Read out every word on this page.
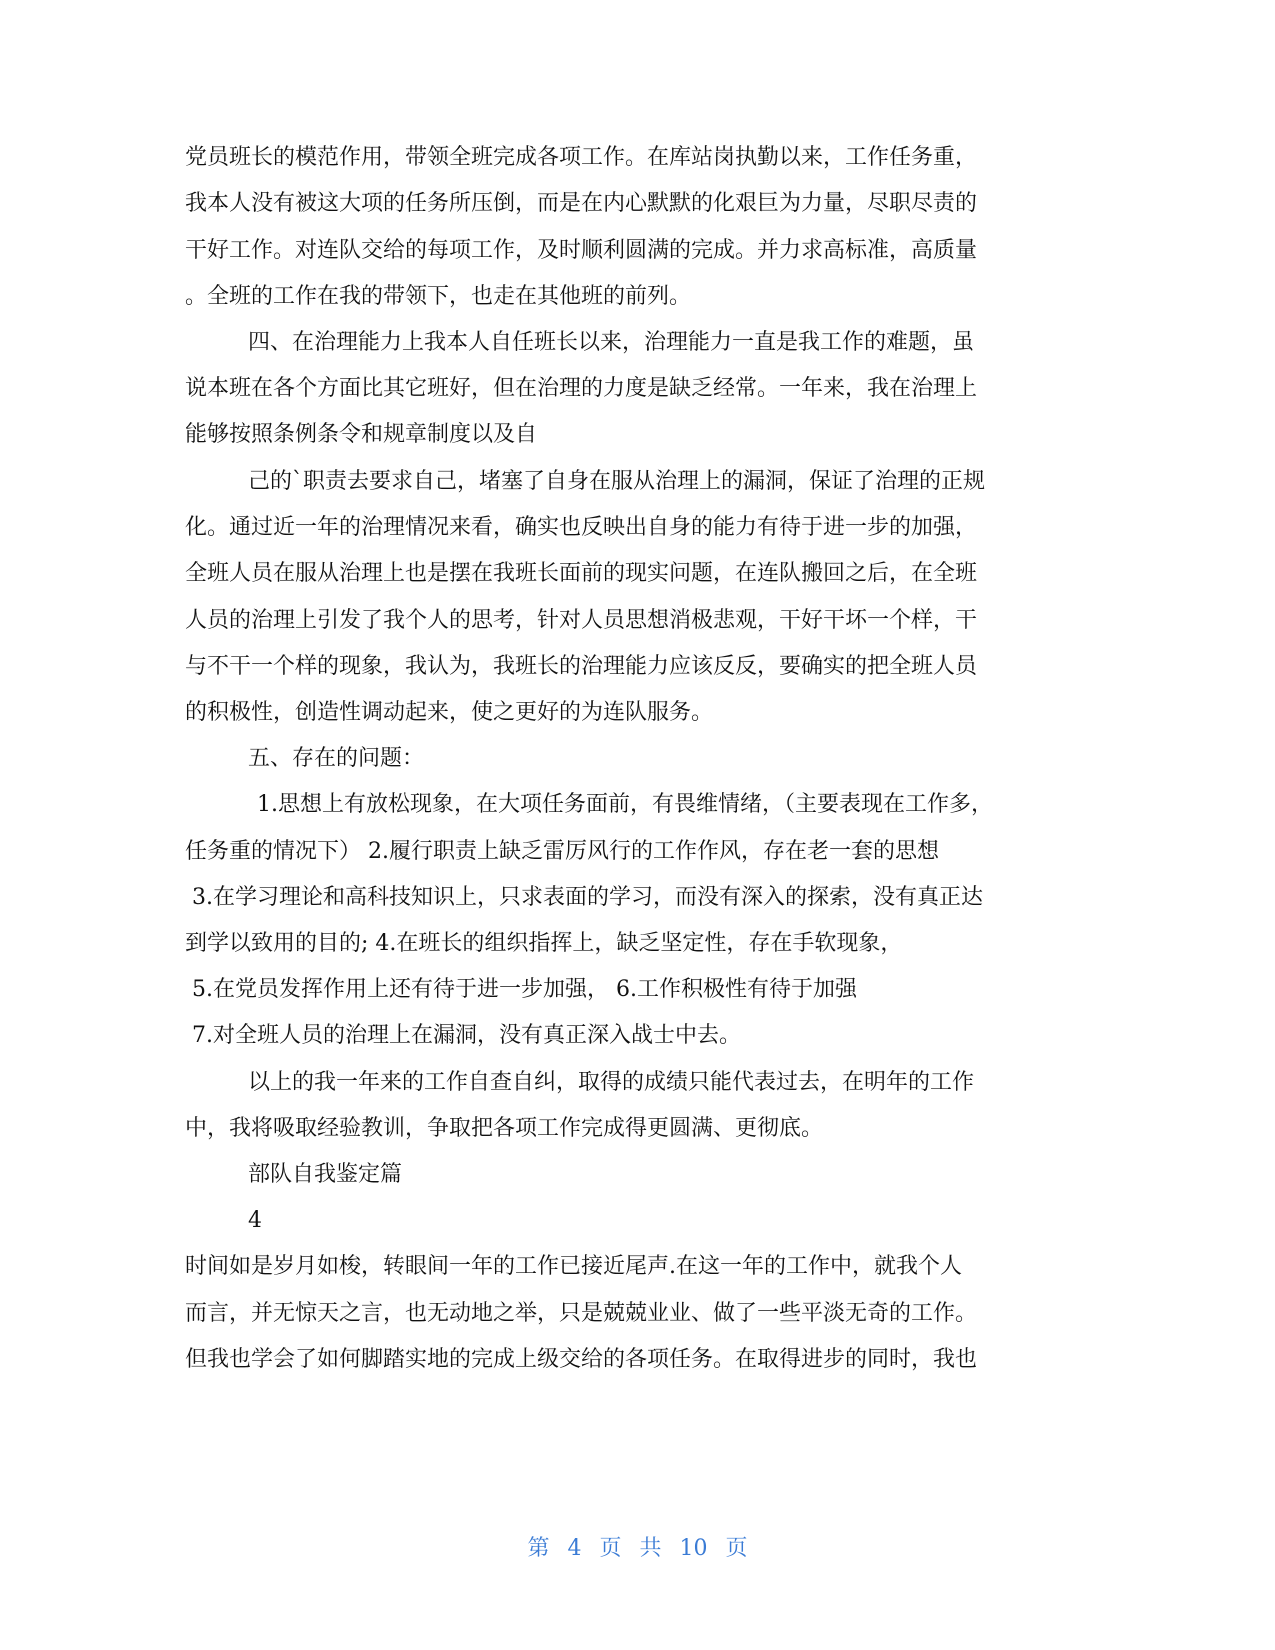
党员班长的模范作用，带领全班完成各项工作。在库站岗执勤以来，工作任务重，
我本人没有被这大项的任务所压倒，而是在内心默默的化艰巨为力量，尽职尽责的
干好工作。对连队交给的每项工作，及时顺利圆满的完成。并力求高标准，高质量
。全班的工作在我的带领下，也走在其他班的前列。
四、在治理能力上我本人自任班长以来，治理能力一直是我工作的难题，虽
说本班在各个方面比其它班好，但在治理的力度是缺乏经常。一年来，我在治理上
能够按照条例条令和规章制度以及自
己的`职责去要求自己，堵塞了自身在服从治理上的漏洞，保证了治理的正规
化。通过近一年的治理情况来看，确实也反映出自身的能力有待于进一步的加强，
全班人员在服从治理上也是摆在我班长面前的现实问题，在连队搬回之后，在全班
人员的治理上引发了我个人的思考，针对人员思想消极悲观，干好干坏一个样，干
与不干一个样的现象，我认为，我班长的治理能力应该反反，要确实的把全班人员
的积极性，创造性调动起来，使之更好的为连队服务。
五、存在的问题：
1.思想上有放松现象，在大项任务面前，有畏维情绪，（主要表现在工作多，
任务重的情况下） 2.履行职责上缺乏雷厉风行的工作作风，存在老一套的思想
3.在学习理论和高科技知识上，只求表面的学习，而没有深入的探索，没有真正达
到学以致用的目的; 4.在班长的组织指挥上，缺乏坚定性，存在手软现象，
5.在党员发挥作用上还有待于进一步加强， 6.工作积极性有待于加强
7.对全班人员的治理上在漏洞，没有真正深入战士中去。
以上的我一年来的工作自查自纠，取得的成绩只能代表过去，在明年的工作
中，我将吸取经验教训，争取把各项工作完成得更圆满、更彻底。
部队自我鉴定篇
4
时间如是岁月如梭，转眼间一年的工作已接近尾声.在这一年的工作中，就我个人
而言，并无惊天之言，也无动地之举，只是兢兢业业、做了一些平淡无奇的工作。
但我也学会了如何脚踏实地的完成上级交给的各项任务。在取得进步的同时，我也
第 4 页 共 10 页
